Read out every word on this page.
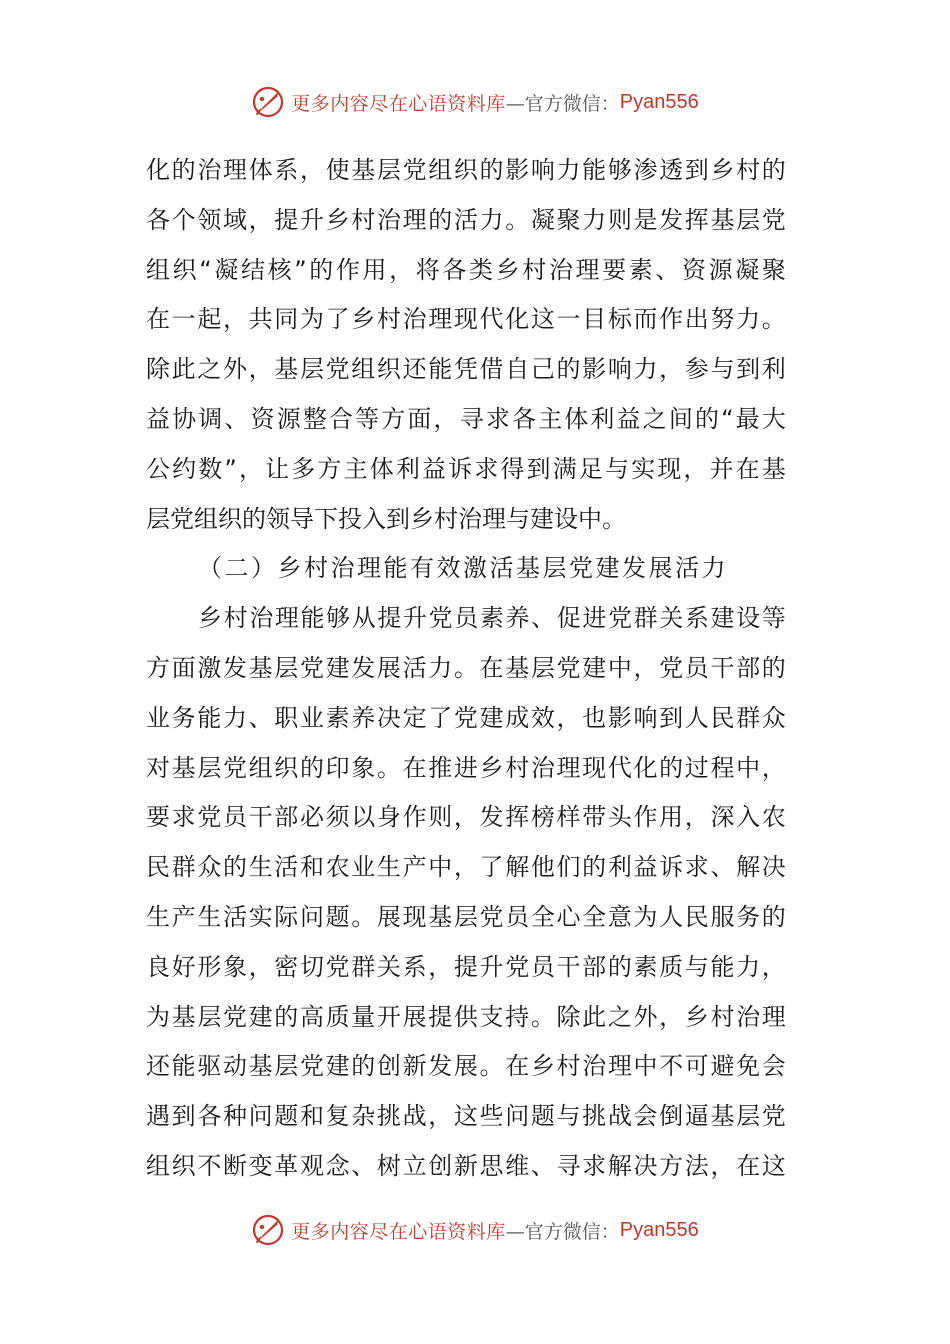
更多内容尽在心语资料库 —官方微信： Pyan556
化 的 治 理 体 系 ， 使 基 层 党 组 织 的 影 响 力 能 够 渗 透 到 乡 村 的
各 个 领 域 ， 提 升 乡 村 治 理 的 活 力 。 凝 聚 力 则 是 发 挥 基 层 党
组 织 “ 凝 结 核 ” 的 作 用 ， 将 各 类 乡 村 治 理 要 素 、 资 源 凝 聚
在 一 起 ， 共 同 为 了 乡 村 治 理 现 代 化 这 一 目 标 而 作 出 努 力 。
除 此 之 外 ， 基 层 党 组 织 还 能 凭 借 自 己 的 影 响 力 ， 参 与 到 利
益 协 调 、 资 源 整 合 等 方 面 ， 寻 求 各 主 体 利 益 之 间 的 “ 最 大
公 约 数 ” ， 让 多 方 主 体 利 益 诉 求 得 到 满 足 与 实 现 ， 并 在 基
层党组织的领导下投入到乡村治理与建设中。
（二）乡村治理能有效激活基层党建发展活力
乡 村 治 理 能 够 从 提 升 党 员 素 养 、 促 进 党 群 关 系 建 设 等
方 面 激 发 基 层 党 建 发 展 活 力 。 在 基 层 党 建 中 ， 党 员 干 部 的
业 务 能 力 、 职 业 素 养 决 定 了 党 建 成 效 ， 也 影 响 到 人 民 群 众
对 基 层 党 组 织 的 印 象 。 在 推 进 乡 村 治 理 现 代 化 的 过 程 中 ，
要 求 党 员 干 部 必 须 以 身 作 则 ， 发 挥 榜 样 带 头 作 用 ， 深 入 农
民 群 众 的 生 活 和 农 业 生 产 中 ， 了 解 他 们 的 利 益 诉 求 、 解 决
生 产 生 活 实 际 问 题 。 展 现 基 层 党 员 全 心 全 意 为 人 民 服 务 的
良 好 形 象 ， 密 切 党 群 关 系 ， 提 升 党 员 干 部 的 素 质 与 能 力 ，
为 基 层 党 建 的 高 质 量 开 展 提 供 支 持 。 除 此 之 外 ， 乡 村 治 理
还 能 驱 动 基 层 党 建 的 创 新 发 展 。 在 乡 村 治 理 中 不 可 避 免 会
遇 到 各 种 问 题 和 复 杂 挑 战 ， 这 些 问 题 与 挑 战 会 倒 逼 基 层 党
组 织 不 断 变 革 观 念 、 树 立 创 新 思 维 、 寻 求 解 决 方 法 ， 在 这
更多内容尽在心语资料库 —官方微信： Pyan556
